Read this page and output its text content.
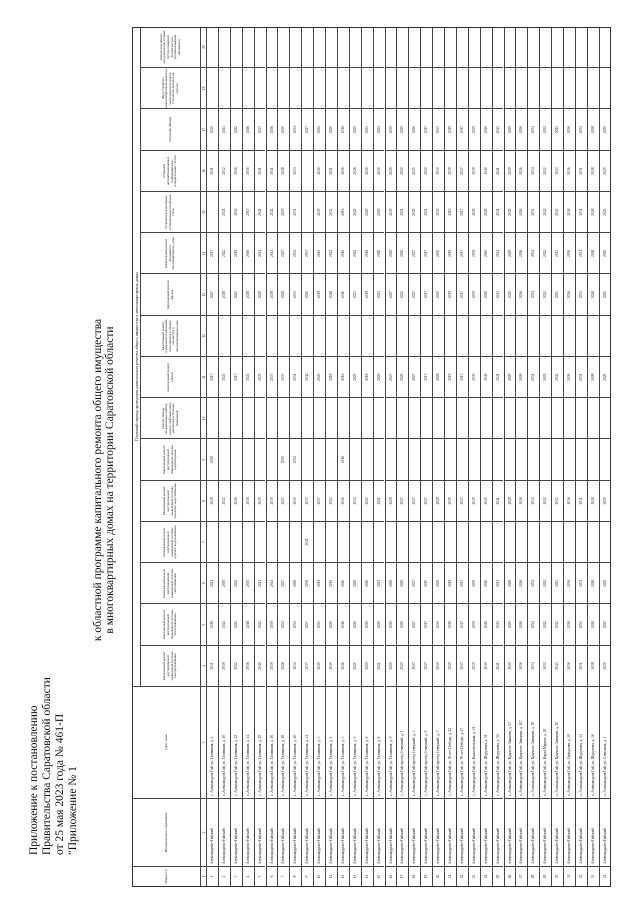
Приложение к постановлению Правительства Саратовской области от 25 мая 2023 года № 461-П "Приложение № 1
к областной программе капитального ремонта общего имущества в многоквартирных домах на территории Саратовской области	Плановый период проведения капитального ремонта общего имущества в многоквартирных домах
Номер п/п
Муниципальное образование
Адрес дома
Капитальный ремонт внутридомовой инженерной системы электроснабжения
Капитальный ремонт внутридомовой инженерной системы теплоснабжения
Капитальный ремонт внутридомовой инженерной системы газоснабжения
Капитальный ремонт внутридомовой инженерной системы горячего водоснабжения
Капитальный ремонт внутридомовой инженерной системы холодного водоснабжения
Капитальный ремонт внутридомовой инженерной системы водоотведения
Ремонт, замена, модернизация лифтов, ремонт лифтовых шахт, машинных и блочных помещений
Капитальный ремонт крыши
Капитальный ремонт подвальных помещений, относящихся к общему имуществу в многоквартирном доме
Капитальный ремонт фасада
Капитальный ремонт фундамента многоквартирного дома
Установка коллективных (общедомовых) приборов учета
Установка автоматизированных информационно-измерительных систем
Утепление фасада
Переустройство невентилируемой крыши на вентилируемую крышу, устройство выходов на кровлю
Ремонт или замена мусоропровода, а также систем пожарной безопасности и противопожарной автоматики
1
2
3
4
5
6
7
8
9
10
11
12
13
14
15
16
17
18
19
1
Александрово-Гайский
с. Александров Гай, ул. Газовиков, д. 4
2031
2019
2021
2019
2030
2017
2027
2017
2041
2030
2
Александрово-Гайский
с. Александров Гай, ул. Газовиков, д. 10
2019
2022
2019
2022
2023
2018
2022
2021
2032
2021
3
Александрово-Гайский
с. Александров Гай, ул. Газовиков, д. 12
2022
2021
2022
2026
2017
2021
2019
2030
2016
2022
4
Александрово-Гайский
с. Александров Гай, ул. Газовиков, д. 14
2016
2018
2015
2016
2022
2028
2016
2015
2016
2026
5
Александрово-Гайский
с. Александров Гай, ул. Газовиков, д. 15
2040
2043
2041
2039
2035
2049
2041
2041
2041
2037
6
Александрово-Гайский
с. Александров Гай, ул. Газовиков, д. 16
2039
2039
2041
2039
2037
2038
2041
2042
2041
2036
7
Александрово-Гайский
с. Александров Гай, ул. Газовиков, д. 18
2028
2032
2027
2027
2030
2033
2028
2027
2030
2028
2030
8
Александрово-Гайский
с. Александров Гай, ул. Газовиков, д. 20
2032
2031
2029
2030
2032
2034
2031
2032
2031
2033
2031
9
Александрово-Гайский
с. Александров Гай, ул. Газовиков, д. 21
2037
2037
2039
2041
2037
2042
2045
2037
2047
10
Александрово-Гайский
с. Александров Гай, ул. Газовиков, д. 3
2019
2023
2019
2017
2020
2019
2045
2030
2040
2022
11
Александрово-Гайский
с. Александров Гай, ул. Газовиков, д. 1
2019
2020
2015
2023
2018
2018
2022
2032
2021
2020
12
Александрово-Гайский
с. Александров Гай, ул. Газовиков, д. 3
2016
2016
2016
2016
2016
2016
2016
2016
2016
2016
2016
13
Александрово-Гайский
с. Александров Гай, ул. Газовиков, д. 5
2025
2026
2025
2024
2025
2023
2024
2022
2026
2025
14
Александрово-Гайский
с. Александров Гай, ул. Газовиков, д. 6
2020
2029
2020
2020
2018
2019
2018
2020
2020
2023
15
Александрово-Гайский
с. Александров Гай, ул. Газовиков, д. 8
2021
2020
2021
2021
2020
2021
2020
2020
2020
2021
16
Александрово-Гайский
с. Александров Гай, ул. Газовиков, д. 9
2029
2029
2029
2029
2027
2027
2029
2030
2029
2030
17
Александрово-Гайский
с. Александров Гай, проезд Северный, д. 1
2020
2020
2020
2017
2020
2022
2020
2021
2020
2020
18
Александрово-Гайский
с. Александров Гай, проезд Северный, д. 3
2027
2027
2027
2027
2027
2027
2027
2029
2025
2026
19
Александрово-Гайский
с. Александров Гай, проезд Северный, д. 5
2017
2017
2015
2017
2017
2017
2017
2021
2020
2017
20
Александрово-Гайский
с. Александров Гай, проезд Северный, д. 7
2030
2030
2030
2029
2028
2030
2030
2030
2030
2033
21
Александрово-Гайский
с. Александров Гай, ул. 50 лет Победы, д. 22
2019
2019
2019
2019
2019
2019
2019
2019
2019
2019
22
Александрово-Гайский
с. Александров Гай, ул. 50 лет Победы, д. 27
2017
2017
2017
2017
2017
2017
2017
2017
2017
2017
23
Александрово-Гайский
с. Александров Гай, ул. Комсомольская, д. 21
2039
2039
2039
2039
2039
2039
2039
2039
2039
2039
24
Александрово-Гайский
с. Александров Гай, ул. Шурупова, д. 51
2040
2040
2040
2040
2040
2040
2040
2040
2040
2040
25
Александрово-Гайский
с. Александров Гай, ул. Шурупова, д. 52
2041
2041
2041
2041
2041
2041
2041
2041
2041
2041
26
Александрово-Гайский
с. Александров Гай, ул. Красного Знамени, д. 57
2029
2029
2029
2029
2029
2029
2029
2029
2029
2029
27
Александрово-Гайский
с. Александров Гай, ул. Красного Знамени, д. 117
2026
2026
2026
2026
2026
2026
2026
2026
2026
2026
28
Александрово-Гайский
с. Александров Гай, ул. Красного Знамени, д. 19
2034
2034
2034
2034
2034
2034
2034
2034
2034
2034
29
Александрово-Гайский
с. Александров Гай, ул. Карла Маркса, д. 29
2022
2022
2022
2022
2022
2022
2022
2022
2022
2022
30
Александрово-Гайский
с. Александров Гай, ул. Красного Знамени, д. 40
2043
2043
2043
2043
2043
2043
2043
2043
2043
2043
31
Александрово-Гайский
с. Александров Гай, ул. Свердлова, д. 30
2036
2036
2036
2036
2036
2036
2036
2036
2036
2036
32
Александрово-Гайский
с. Александров Гай, ул. Шурупова, д. 34
2031
2031
2031
2031
2031
2031
2031
2031
2031
2031
33
Александрово-Гайский
с. Александров Гай, ул. Шурупова, д. 36
2028
2028
2028
2028
2028
2028
2028
2028
2028
2028
34
Александрово-Гайский
с. Александров Гай, ул. Советская, д. 1
2025
2025
2025
2025
2025
2025
2025
2025
2025
2025
